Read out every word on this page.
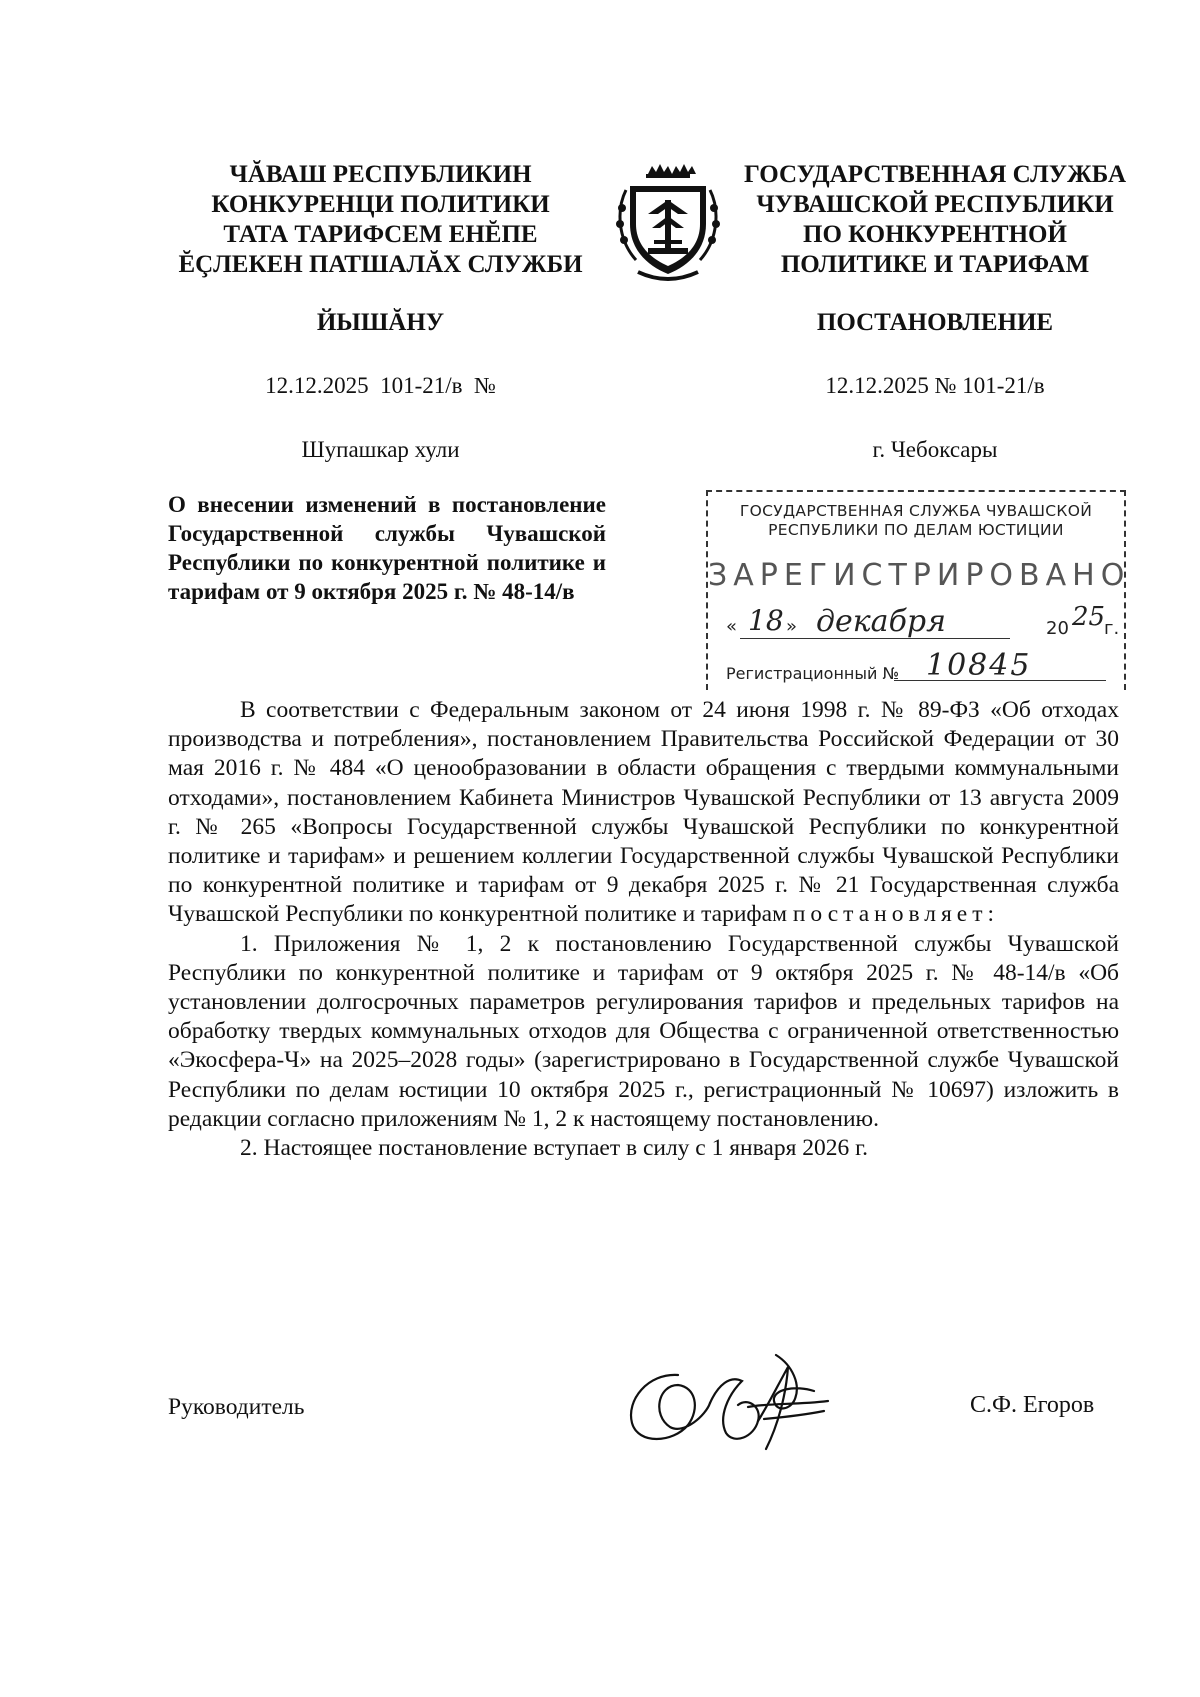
ЧĂВАШ РЕСПУБЛИКИН
КОНКУРЕНЦИ ПОЛИТИКИ
ТАТА ТАРИФСЕМ ЕНĔПЕ
ĔÇЛЕКЕН ПАТШАЛĂХ СЛУЖБИ
ГОСУДАРСТВЕННАЯ СЛУЖБА
ЧУВАШСКОЙ РЕСПУБЛИКИ
ПО КОНКУРЕНТНОЙ
ПОЛИТИКЕ И ТАРИФАМ
ЙЫШĂНУ	ПОСТАНОВЛЕНИЕ
12.12.2025  101-21/в  №	12.12.2025 № 101-21/в
Шупашкар хули	г. Чебоксары
О внесении изменений в постановление Государственной службы Чувашской Республики по конкурентной политике и тарифам от 9 октября 2025 г. № 48-14/в
ГОСУДАРСТВЕННАЯ СЛУЖБА ЧУВАШСКОЙ
РЕСПУБЛИКИ ПО ДЕЛАМ ЮСТИЦИИ
ЗАРЕГИСТРИРОВАНО
« 18 » декабря	20 25
г.
Регистрационный № 10845

В соответствии с Федеральным законом от 24 июня 1998 г. № 89-ФЗ «Об отходах производства и потребления», постановлением Правительства Российской Федерации от 30 мая 2016 г. № 484 «О ценообразовании в области обращения с твердыми коммунальными отходами», постановлением Кабинета Министров Чувашской Республики от 13 августа 2009 г. № 265 «Вопросы Государственной службы Чувашской Республики по конкурентной политике и тарифам» и решением коллегии Государственной службы Чувашской Республики по конкурентной политике и тарифам от 9 декабря 2025 г. № 21 Государственная служба Чувашской Республики по конкурентной политике и тарифам постановляет:

1. Приложения № 1, 2 к постановлению Государственной службы Чувашской Республики по конкурентной политике и тарифам от 9 октября 2025 г. № 48-14/в «Об установлении долгосрочных параметров регулирования тарифов и предельных тарифов на обработку твердых коммунальных отходов для Общества с ограниченной ответственностью «Экосфера-Ч» на 2025–2028 годы» (зарегистрировано в Государственной службе Чувашской Республики по делам юстиции 10 октября 2025 г., регистрационный № 10697) изложить в редакции согласно приложениям № 1, 2 к настоящему постановлению.

2. Настоящее постановление вступает в силу с 1 января 2026 г.

Руководитель	С.Ф. Егоров
